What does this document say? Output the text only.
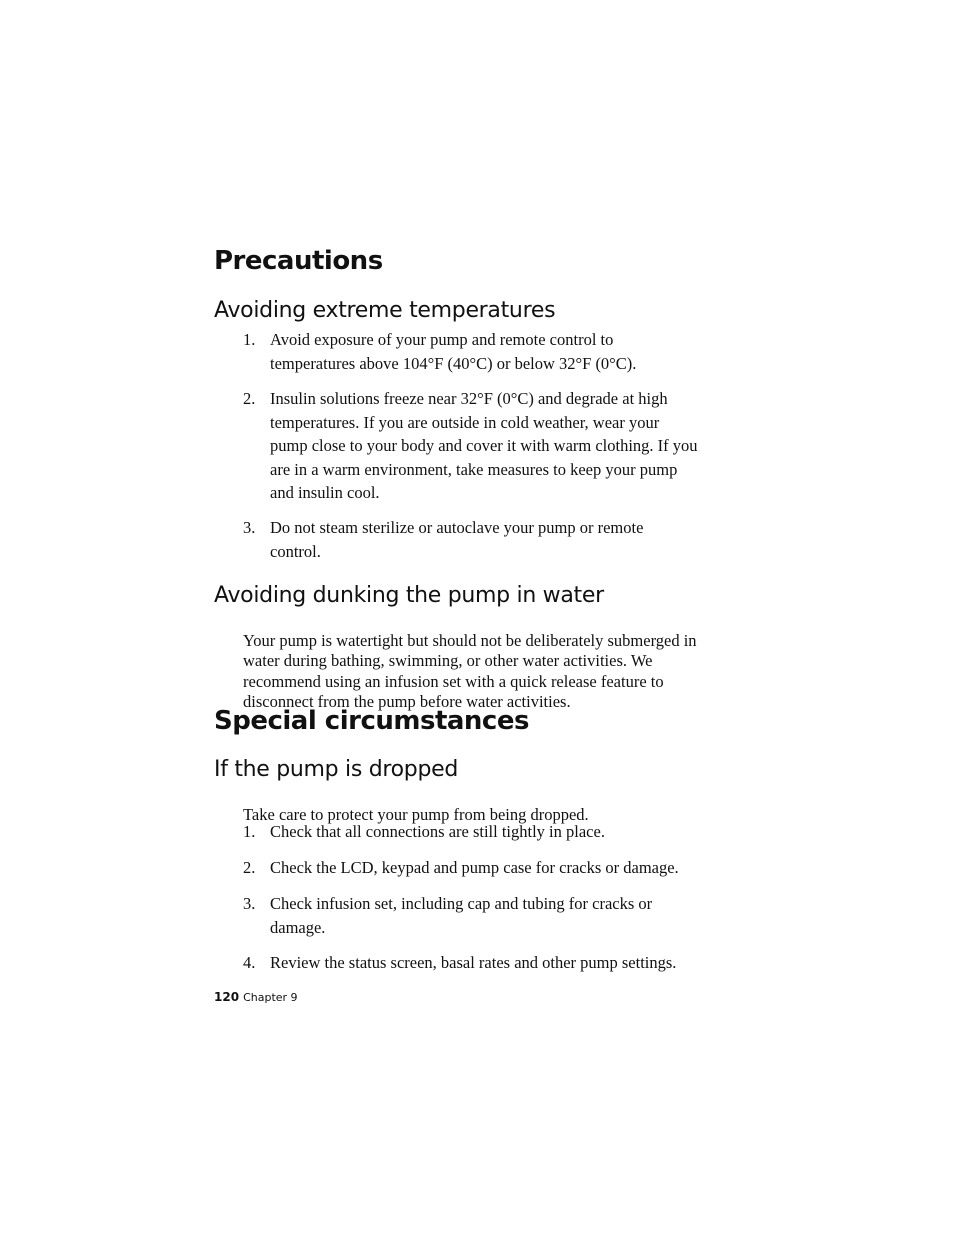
Precautions
Avoiding extreme temperatures
1. Avoid exposure of your pump and remote control to temperatures above 104°F (40°C) or below 32°F (0°C).
2. Insulin solutions freeze near 32°F (0°C) and degrade at high temperatures. If you are outside in cold weather, wear your pump close to your body and cover it with warm clothing. If you are in a warm environment, take measures to keep your pump and insulin cool.
3. Do not steam sterilize or autoclave your pump or remote control.
Avoiding dunking the pump in water

Your pump is watertight but should not be deliberately submerged in water during bathing, swimming, or other water activities. We recommend using an infusion set with a quick release feature to disconnect from the pump before water activities.

Special circumstances
If the pump is dropped

Take care to protect your pump from being dropped.

1. Check that all connections are still tightly in place.
2. Check the LCD, keypad and pump case for cracks or damage.
3. Check infusion set, including cap and tubing for cracks or damage.
4. Review the status screen, basal rates and other pump settings.
120 Chapter 9
